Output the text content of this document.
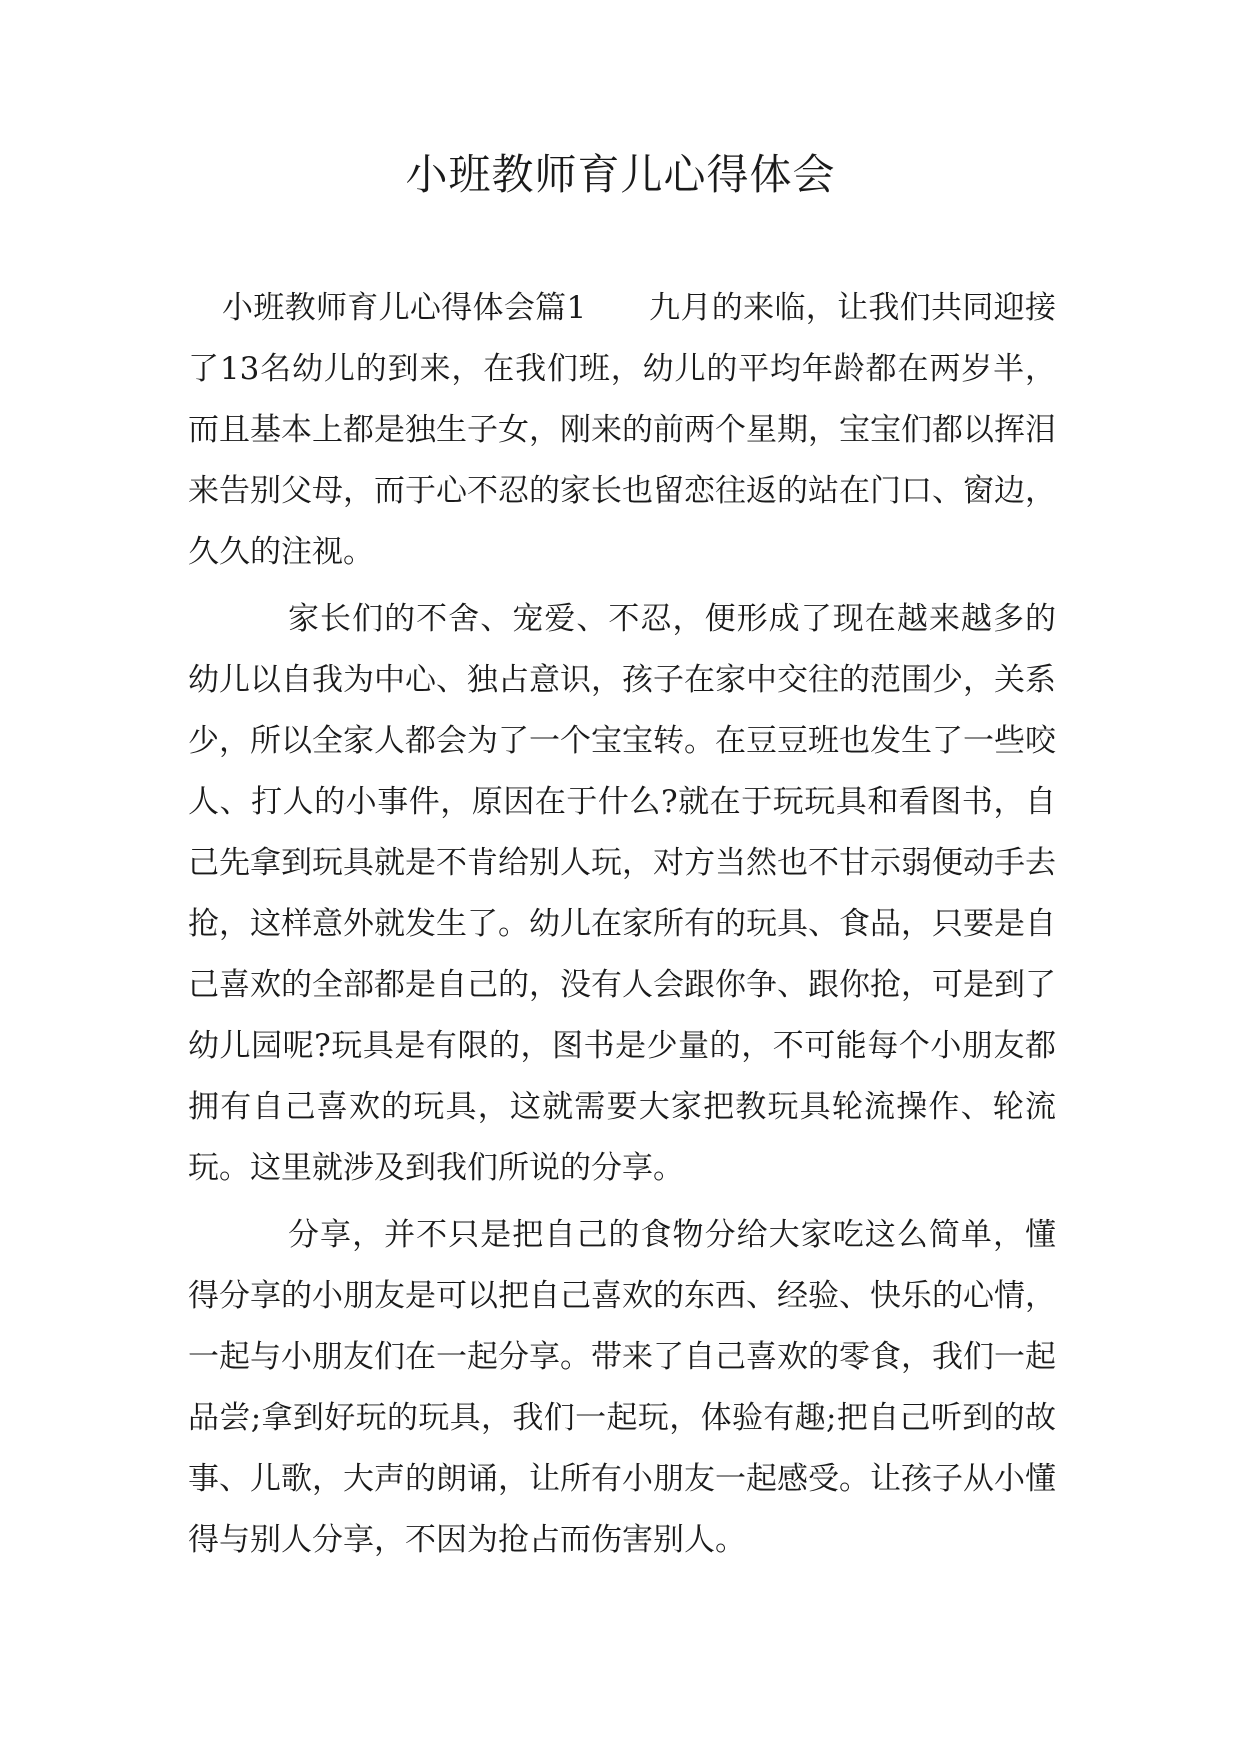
小班教师育儿心得体会

小班教师育儿心得体会篇1　　九月的来临，让我们共同迎接了13名幼儿的到来，在我们班，幼儿的平均年龄都在两岁半，而且基本上都是独生子女，刚来的前两个星期，宝宝们都以挥泪来告别父母，而于心不忍的家长也留恋往返的站在门口、窗边，久久的注视。

家长们的不舍、宠爱、不忍，便形成了现在越来越多的幼儿以自我为中心、独占意识，孩子在家中交往的范围少，关系少，所以全家人都会为了一个宝宝转。在豆豆班也发生了一些咬人、打人的小事件，原因在于什么?就在于玩玩具和看图书，自己先拿到玩具就是不肯给别人玩，对方当然也不甘示弱便动手去抢，这样意外就发生了。幼儿在家所有的玩具、食品，只要是自己喜欢的全部都是自己的，没有人会跟你争、跟你抢，可是到了幼儿园呢?玩具是有限的，图书是少量的，不可能每个小朋友都拥有自己喜欢的玩具，这就需要大家把教玩具轮流操作、轮流玩。这里就涉及到我们所说的分享。

分享，并不只是把自己的食物分给大家吃这么简单，懂得分享的小朋友是可以把自己喜欢的东西、经验、快乐的心情，一起与小朋友们在一起分享。带来了自己喜欢的零食，我们一起品尝;拿到好玩的玩具，我们一起玩，体验有趣;把自己听到的故事、儿歌，大声的朗诵，让所有小朋友一起感受。让孩子从小懂得与别人分享，不因为抢占而伤害别人。
